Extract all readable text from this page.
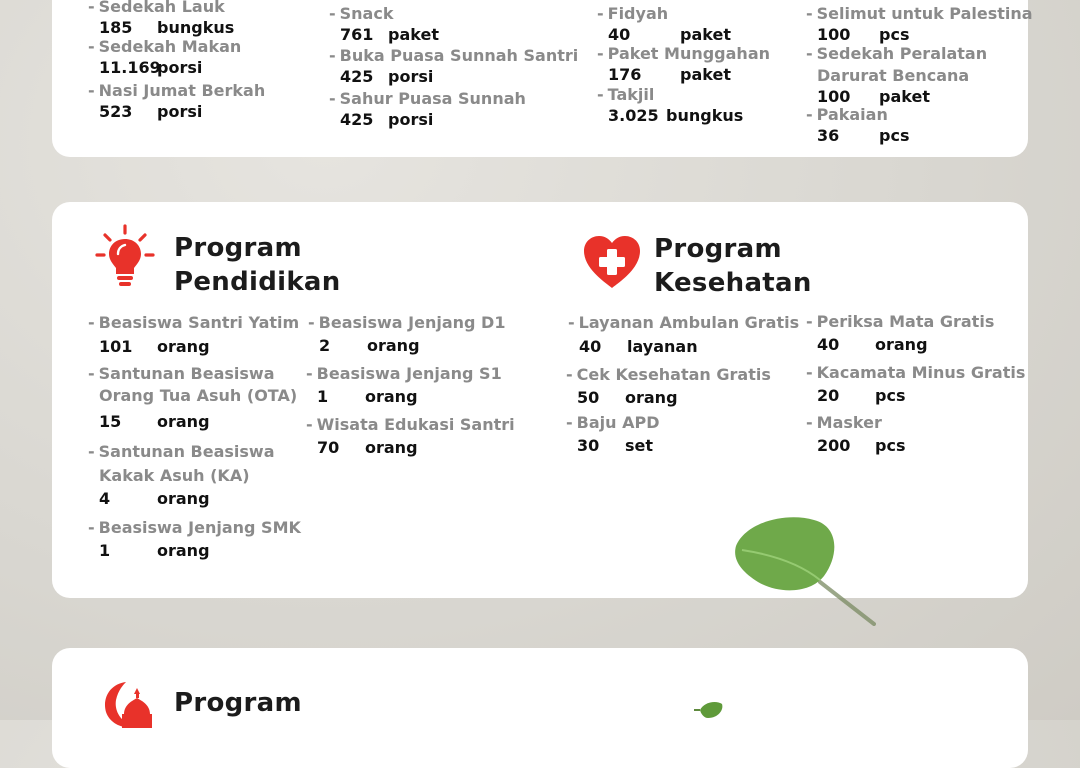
- Sedekah Lauk
185 bungkus
- Sedekah Makan
11.169porsi
- Nasi Jumat Berkah
523 porsi
- Snack
761 paket
- Buka Puasa Sunnah Santri
425 porsi
- Sahur Puasa Sunnah
425 porsi
- Fidyah
40	paket
- Paket Munggahan
176 paket
- Takjil
3.025 bungkus
- Selimut untuk Palestina
100 pcs
- Sedekah Peralatan
Darurat Bencana
100 paket
- Pakaian
36 pcs
Program
Pendidikan
Program
Kesehatan
- Beasiswa Santri Yatim
101 orang
- Santunan Beasiswa
Orang Tua Asuh (OTA)
15 orang
- Santunan Beasiswa
Kakak Asuh (KA)
4	orang
- Beasiswa Jenjang SMK
1	orang
- Beasiswa Jenjang D1
2 orang
- Beasiswa Jenjang S1
1 orang
- Wisata Edukasi Santri
70 orang
- Layanan Ambulan Gratis
40 layanan
- Cek Kesehatan Gratis
50 orang
- Baju APD
30 set
- Periksa Mata Gratis
40 orang
- Kacamata Minus Gratis
20 pcs
- Masker
200 pcs
Program
